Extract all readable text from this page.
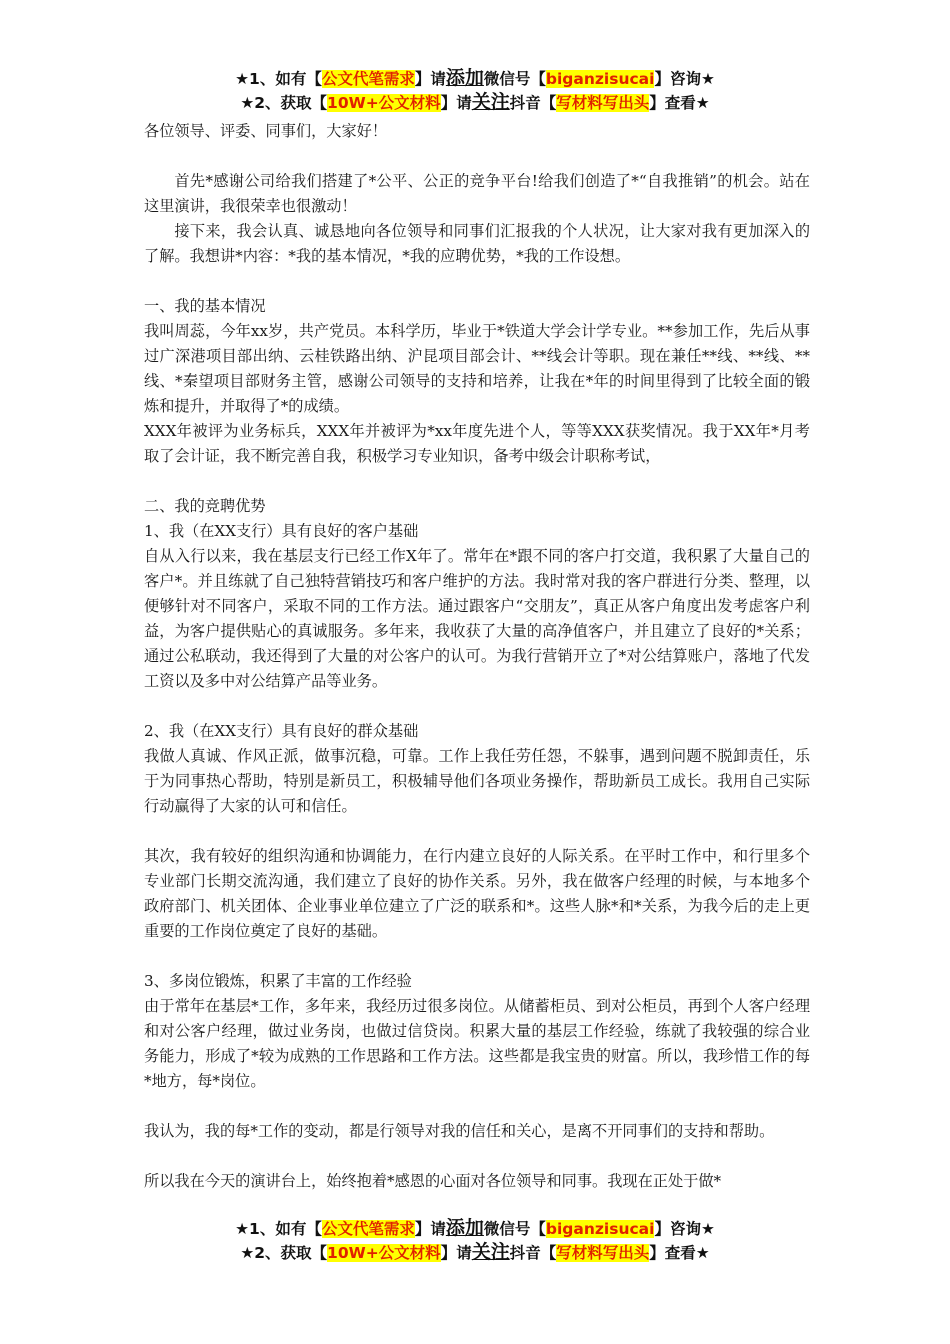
★1、如有【公文代笔需求】请添加微信号【biganzisucai】咨询★
★2、获取【10W+公文材料】请关注抖音【写材料写出头】查看★

各位领导、评委、同事们，大家好！

首先*感谢公司给我们搭建了*公平、公正的竞争平台!给我们创造了*“自我推销”的机会。站在这里演讲，我很荣幸也很激动！

接下来，我会认真、诚恳地向各位领导和同事们汇报我的个人状况，让大家对我有更加深入的了解。我想讲*内容：*我的基本情况，*我的应聘优势，*我的工作设想。

一、我的基本情况

我叫周蕊，今年xx岁，共产党员。本科学历，毕业于*铁道大学会计学专业。**参加工作，先后从事过广深港项目部出纳、云桂铁路出纳、沪昆项目部会计、**线会计等职。现在兼任**线、**线、**线、*秦望项目部财务主管，感谢公司领导的支持和培养，让我在*年的时间里得到了比较全面的锻炼和提升，并取得了*的成绩。

XXX年被评为业务标兵，XXX年并被评为*xx年度先进个人，等等XXX获奖情况。我于XX年*月考取了会计证，我不断完善自我，积极学习专业知识，备考中级会计职称考试，

二、我的竞聘优势

1、我（在XX支行）具有良好的客户基础

自从入行以来，我在基层支行已经工作X年了。常年在*跟不同的客户打交道，我积累了大量自己的客户*。并且练就了自己独特营销技巧和客户维护的方法。我时常对我的客户群进行分类、整理，以便够针对不同客户，采取不同的工作方法。通过跟客户“交朋友”，真正从客户角度出发考虑客户利益，为客户提供贴心的真诚服务。多年来，我收获了大量的高净值客户，并且建立了良好的*关系；通过公私联动，我还得到了大量的对公客户的认可。为我行营销开立了*对公结算账户，落地了代发工资以及多中对公结算产品等业务。

2、我（在XX支行）具有良好的群众基础

我做人真诚、作风正派，做事沉稳，可靠。工作上我任劳任怨，不躲事，遇到问题不脱卸责任，乐于为同事热心帮助，特别是新员工，积极辅导他们各项业务操作，帮助新员工成长。我用自己实际行动赢得了大家的认可和信任。

其次，我有较好的组织沟通和协调能力，在行内建立良好的人际关系。在平时工作中，和行里多个专业部门长期交流沟通，我们建立了良好的协作关系。另外，我在做客户经理的时候，与本地多个政府部门、机关团体、企业事业单位建立了广泛的联系和*。这些人脉*和*关系，为我今后的走上更重要的工作岗位奠定了良好的基础。

3、多岗位锻炼，积累了丰富的工作经验

由于常年在基层*工作，多年来，我经历过很多岗位。从储蓄柜员、到对公柜员，再到个人客户经理和对公客户经理，做过业务岗，也做过信贷岗。积累大量的基层工作经验，练就了我较强的综合业务能力，形成了*较为成熟的工作思路和工作方法。这些都是我宝贵的财富。所以，我珍惜工作的每*地方，每*岗位。

我认为，我的每*工作的变动，都是行领导对我的信任和关心，是离不开同事们的支持和帮助。

所以我在今天的演讲台上，始终抱着*感恩的心面对各位领导和同事。我现在正处于做*

★1、如有【公文代笔需求】请添加微信号【biganzisucai】咨询★
★2、获取【10W+公文材料】请关注抖音【写材料写出头】查看★
